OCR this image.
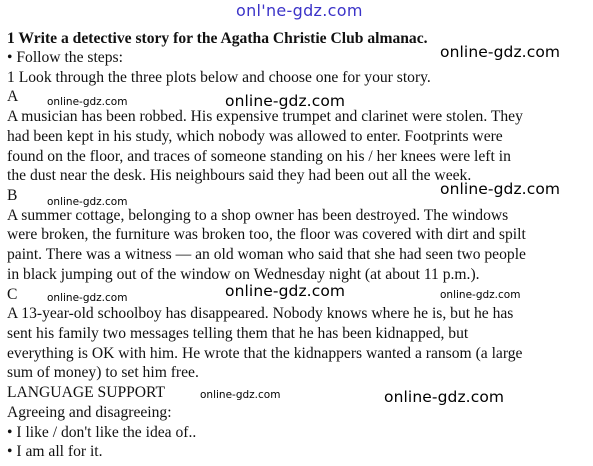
1 Write a detective story for the Agatha Christie Club almanac.
• Follow the steps:
1 Look through the three plots below and choose one for your story.
A
A musician has been robbed. His expensive trumpet and clarinet were stolen. They
had been kept in his study, which nobody was allowed to enter. Footprints were
found on the floor, and traces of someone standing on his / her knees were left in
the dust near the desk. His neighbours said they had been out all the week.
B
A summer cottage, belonging to a shop owner has been destroyed. The windows
were broken, the furniture was broken too, the floor was covered with dirt and spilt
paint. There was a witness — an old woman who said that she had seen two people
in black jumping out of the window on Wednesday night (at about 11 p.m.).
C
A 13-year-old schoolboy has disappeared. Nobody knows where he is, but he has
sent his family two messages telling them that he has been kidnapped, but
everything is OK with him. He wrote that the kidnappers wanted a ransom (a large
sum of money) to set him free.
LANGUAGE SUPPORT
Agreeing and disagreeing:
• I like / don't like the idea of..
• I am all for it.
onl'ne-gdz.com
online-gdz.com
online-gdz.com	online-gdz.com
online-gdz.com
online-gdz.com
online-gdz.com	online-gdz.com	online-gdz.com
online-gdz.com	online-gdz.com
